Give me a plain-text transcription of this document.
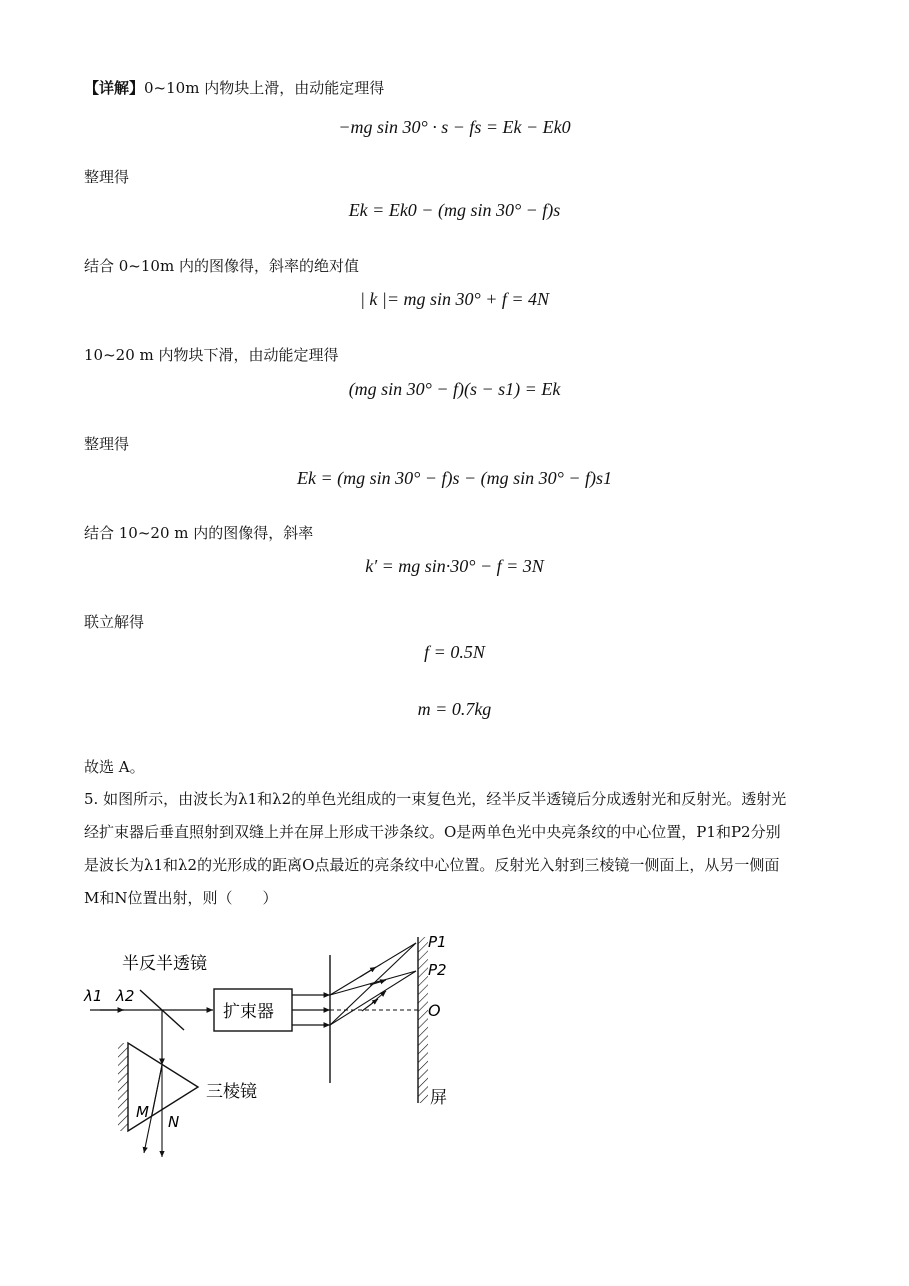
【详解】0~10m 内物块上滑，由动能定理得
−mg sin 30° · s − fs = Ek − Ek0
整理得
Ek = Ek0 − (mg sin 30° − f)s
结合 0~10m 内的图像得，斜率的绝对值
| k |= mg sin 30° + f = 4N
10~20 m 内物块下滑，由动能定理得
(mg sin 30° − f)(s − s1) = Ek
整理得
Ek = (mg sin 30° − f)s − (mg sin 30° − f)s1
结合 10~20 m 内的图像得，斜率
k′ = mg sin·30° − f = 3N
联立解得
f = 0.5N
m = 0.7kg
故选 A。
5. 如图所示，由波长为λ1和λ2的单色光组成的一束复色光，经半反半透镜后分成透射光和反射光。透射光
经扩束器后垂直照射到双缝上并在屏上形成干涉条纹。O是两单色光中央亮条纹的中心位置，P1和P2分别
是波长为λ1和λ2的光形成的距离O点最近的亮条纹中心位置。反射光入射到三棱镜一侧面上，从另一侧面
M和N位置出射，则（　　）
半反半透镜
λ1 λ2
扩束器
P1
P2
O
屏
三棱镜
M
N
